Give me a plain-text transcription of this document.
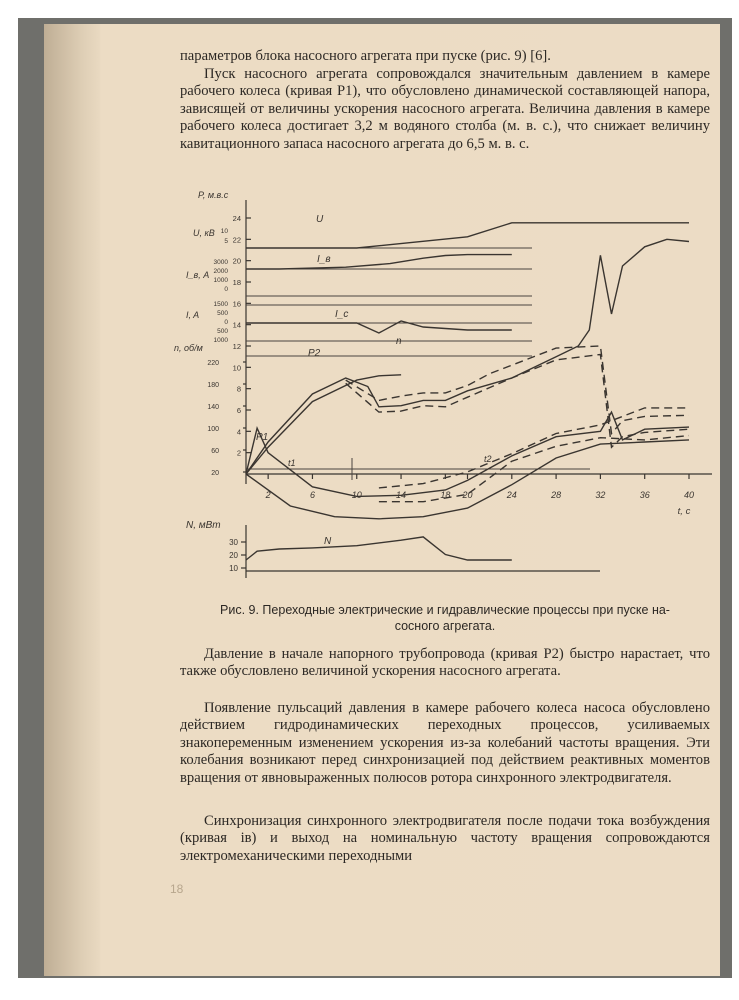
параметров блока насосного агрегата при пуске (рис. 9) [6].

Пуск насосного агрегата сопровождался значительным давлением в камере рабочего колеса (кривая P1), что обусловлено динамической составляющей напора, зависящей от величины ускорения насосного агрегата. Величина давления в камере рабочего колеса достигает 3,2 м водяного столба (м. в. с.), что снижает величину кавитационного запаса насосного агрегата до 6,5 м. в. с.

24
22
20
18
16
14
12
10
8
6
4
2
2	6	10	14	18 20	24	28	32	36	40
t, c
P, м.в.с
U, кВ
I_в, A
I, A
n, об/м
N, мВт
10
5
3000
2000
1000
0
1500
500
0
500
1000
220
180
140
100
60
20
30
20
10
U
I_в
I_c
P2
n
P1
N
t1	t2

Рис. 9. Переходные электрические и гидравлические процессы при пуске на-

сосного агрегата.

Давление в начале напорного трубопровода (кривая P2) быстро нарастает, что также обусловлено величиной ускорения насосного агрегата.

Появление пульсаций давления в камере рабочего колеса насоса обусловлено действием гидродинамических переходных процессов, усиливаемых знакопеременным изменением ускорения из-за колебаний частоты вращения. Эти колебания возникают перед синхронизацией под действием реактивных моментов вращения от явновыраженных полюсов ротора синхронного электродвигателя.

Синхронизация синхронного электродвигателя после подачи тока возбуждения (кривая iв) и выход на номинальную частоту вращения сопровождаются электромеханическими переходными

18
